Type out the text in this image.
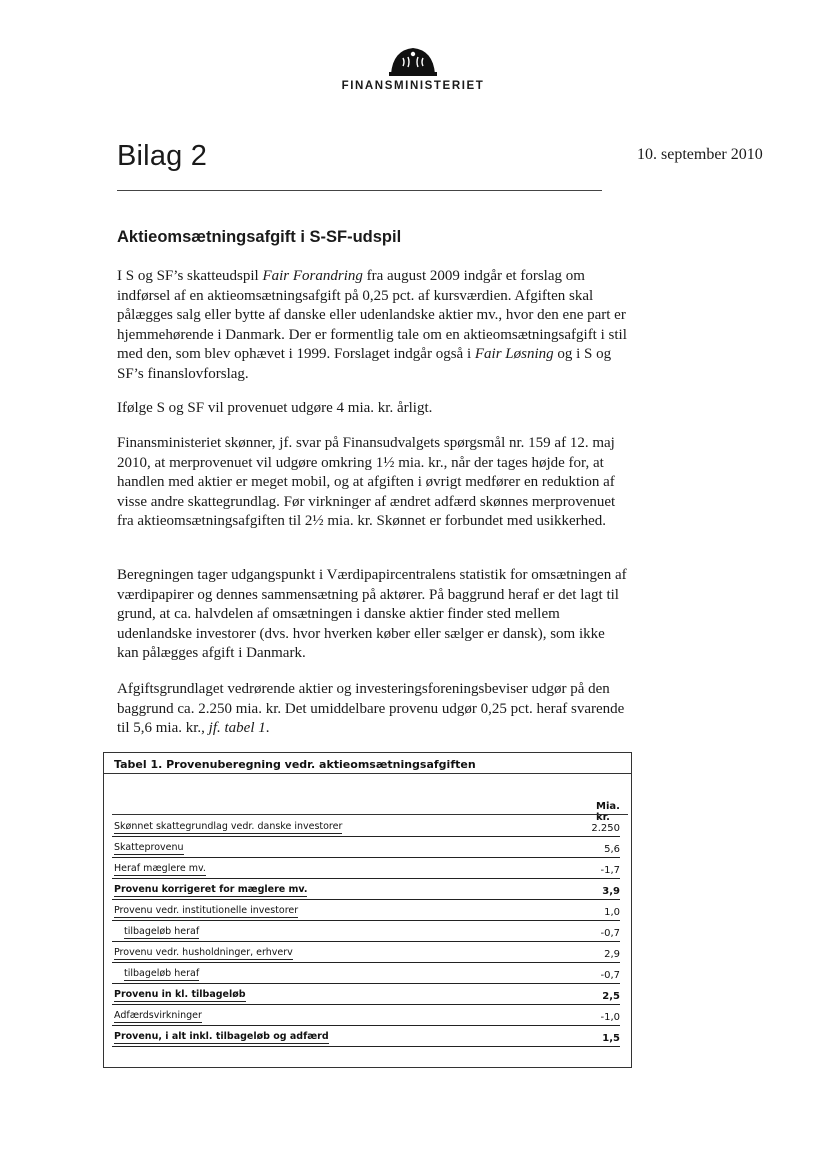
FINANSMINISTERIET
Bilag 2	10. september 2010
Aktieomsætningsafgift i S-SF-udspil

I S og SF’s skatteudspil Fair Forandring fra august 2009 indgår et forslag om indførsel af en aktieomsætningsafgift på 0,25 pct. af kursværdien. Afgiften skal pålægges salg eller bytte af danske eller udenlandske aktier mv., hvor den ene part er hjemmehørende i Danmark. Der er formentlig tale om en aktieomsætningsafgift i stil med den, som blev ophævet i 1999. Forslaget indgår også i Fair Løsning og i S og SF’s finanslovforslag.

Ifølge S og SF vil provenuet udgøre 4 mia. kr. årligt.

Finansministeriet skønner, jf. svar på Finansudvalgets spørgsmål nr. 159 af 12. maj 2010, at merprovenuet vil udgøre omkring 1½ mia. kr., når der tages højde for, at handlen med aktier er meget mobil, og at afgiften i øvrigt medfører en reduktion af visse andre skattegrundlag. Før virkninger af ændret adfærd skønnes merprovenuet fra aktieomsætningsafgiften til 2½ mia. kr. Skønnet er forbundet med usikkerhed.

Beregningen tager udgangspunkt i Værdipapircentralens statistik for omsætningen af værdipapirer og dennes sammensætning på aktører. På baggrund heraf er det lagt til grund, at ca. halvdelen af omsætningen i danske aktier finder sted mellem udenlandske investorer (dvs. hvor hverken køber eller sælger er dansk), som ikke kan pålægges afgift i Danmark.

Afgiftsgrundlaget vedrørende aktier og investeringsforeningsbeviser udgør på den baggrund ca. 2.250 mia. kr. Det umiddelbare provenu udgør 0,25 pct. heraf svarende til 5,6 mia. kr., jf. tabel 1.

Tabel 1. Provenuberegning vedr. aktieomsætningsafgiften
Mia. kr.
Skønnet skattegrundlag vedr. danske investorer	2.250
Skatteprovenu	5,6
Heraf mæglere mv.	-1,7
Provenu korrigeret for mæglere mv.	3,9
Provenu vedr. institutionelle investorer	1,0
tilbageløb heraf	-0,7
Provenu vedr. husholdninger, erhverv	2,9
tilbageløb heraf	-0,7
Provenu in kl. tilbageløb	2,5
Adfærdsvirkninger	-1,0
Provenu, i alt inkl. tilbageløb og adfærd	1,5
